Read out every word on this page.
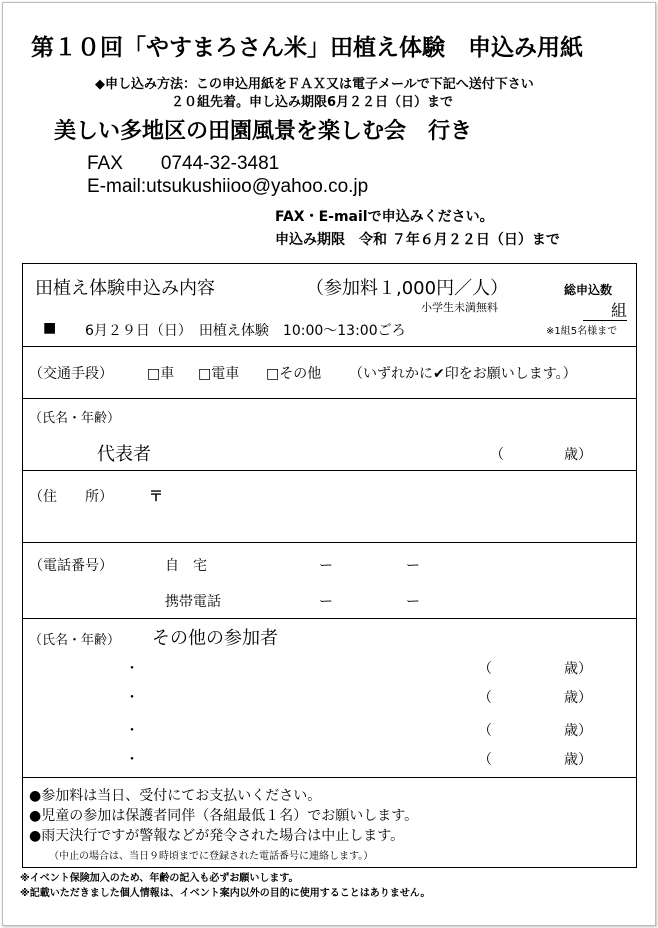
第１０回「やすまろさん米」田植え体験　申込み用紙
◆申し込み方法：この申込用紙をＦＡＸ又は電子メールで下記へ送付下さい
２０組先着。申し込み期限6月２２日（日）まで
美しい多地区の田園風景を楽しむ会　行き
FAX　　0744-32-3481
E-mail:utsukushiioo@yahoo.co.jp
FAX・E-mailで申込みください。
申込み期限　令和 ７年６月２２日（日）まで
田植え体験申込み内容	（参加料１,000円／人）
小学生未満無料
総申込数
組
※1組5名様まで
■ 6月２９日（日）　田植え体験　10:00〜13:00ごろ
（交通手段） □車 □電車 □その他 （いずれかに✔印をお願いします。）
（氏名・年齢）
代表者	（	歳）
（住　　所）	〒
（電話番号）	自　宅	ー	ー
携帯電話	ー	ー
（氏名・年齢） その他の参加者
・	（	歳）
・	（	歳）
・	（	歳）
・	（	歳）
●参加料は当日、受付にてお支払いください。
●児童の参加は保護者同伴（各組最低１名）でお願いします。
●雨天決行ですが警報などが発令された場合は中止します。
（中止の場合は、当日９時頃までに登録された電話番号に連絡します。）
※イベント保険加入のため、年齢の記入も必ずお願いします。
※記載いただきました個人情報は、イベント案内以外の目的に使用することはありません。
